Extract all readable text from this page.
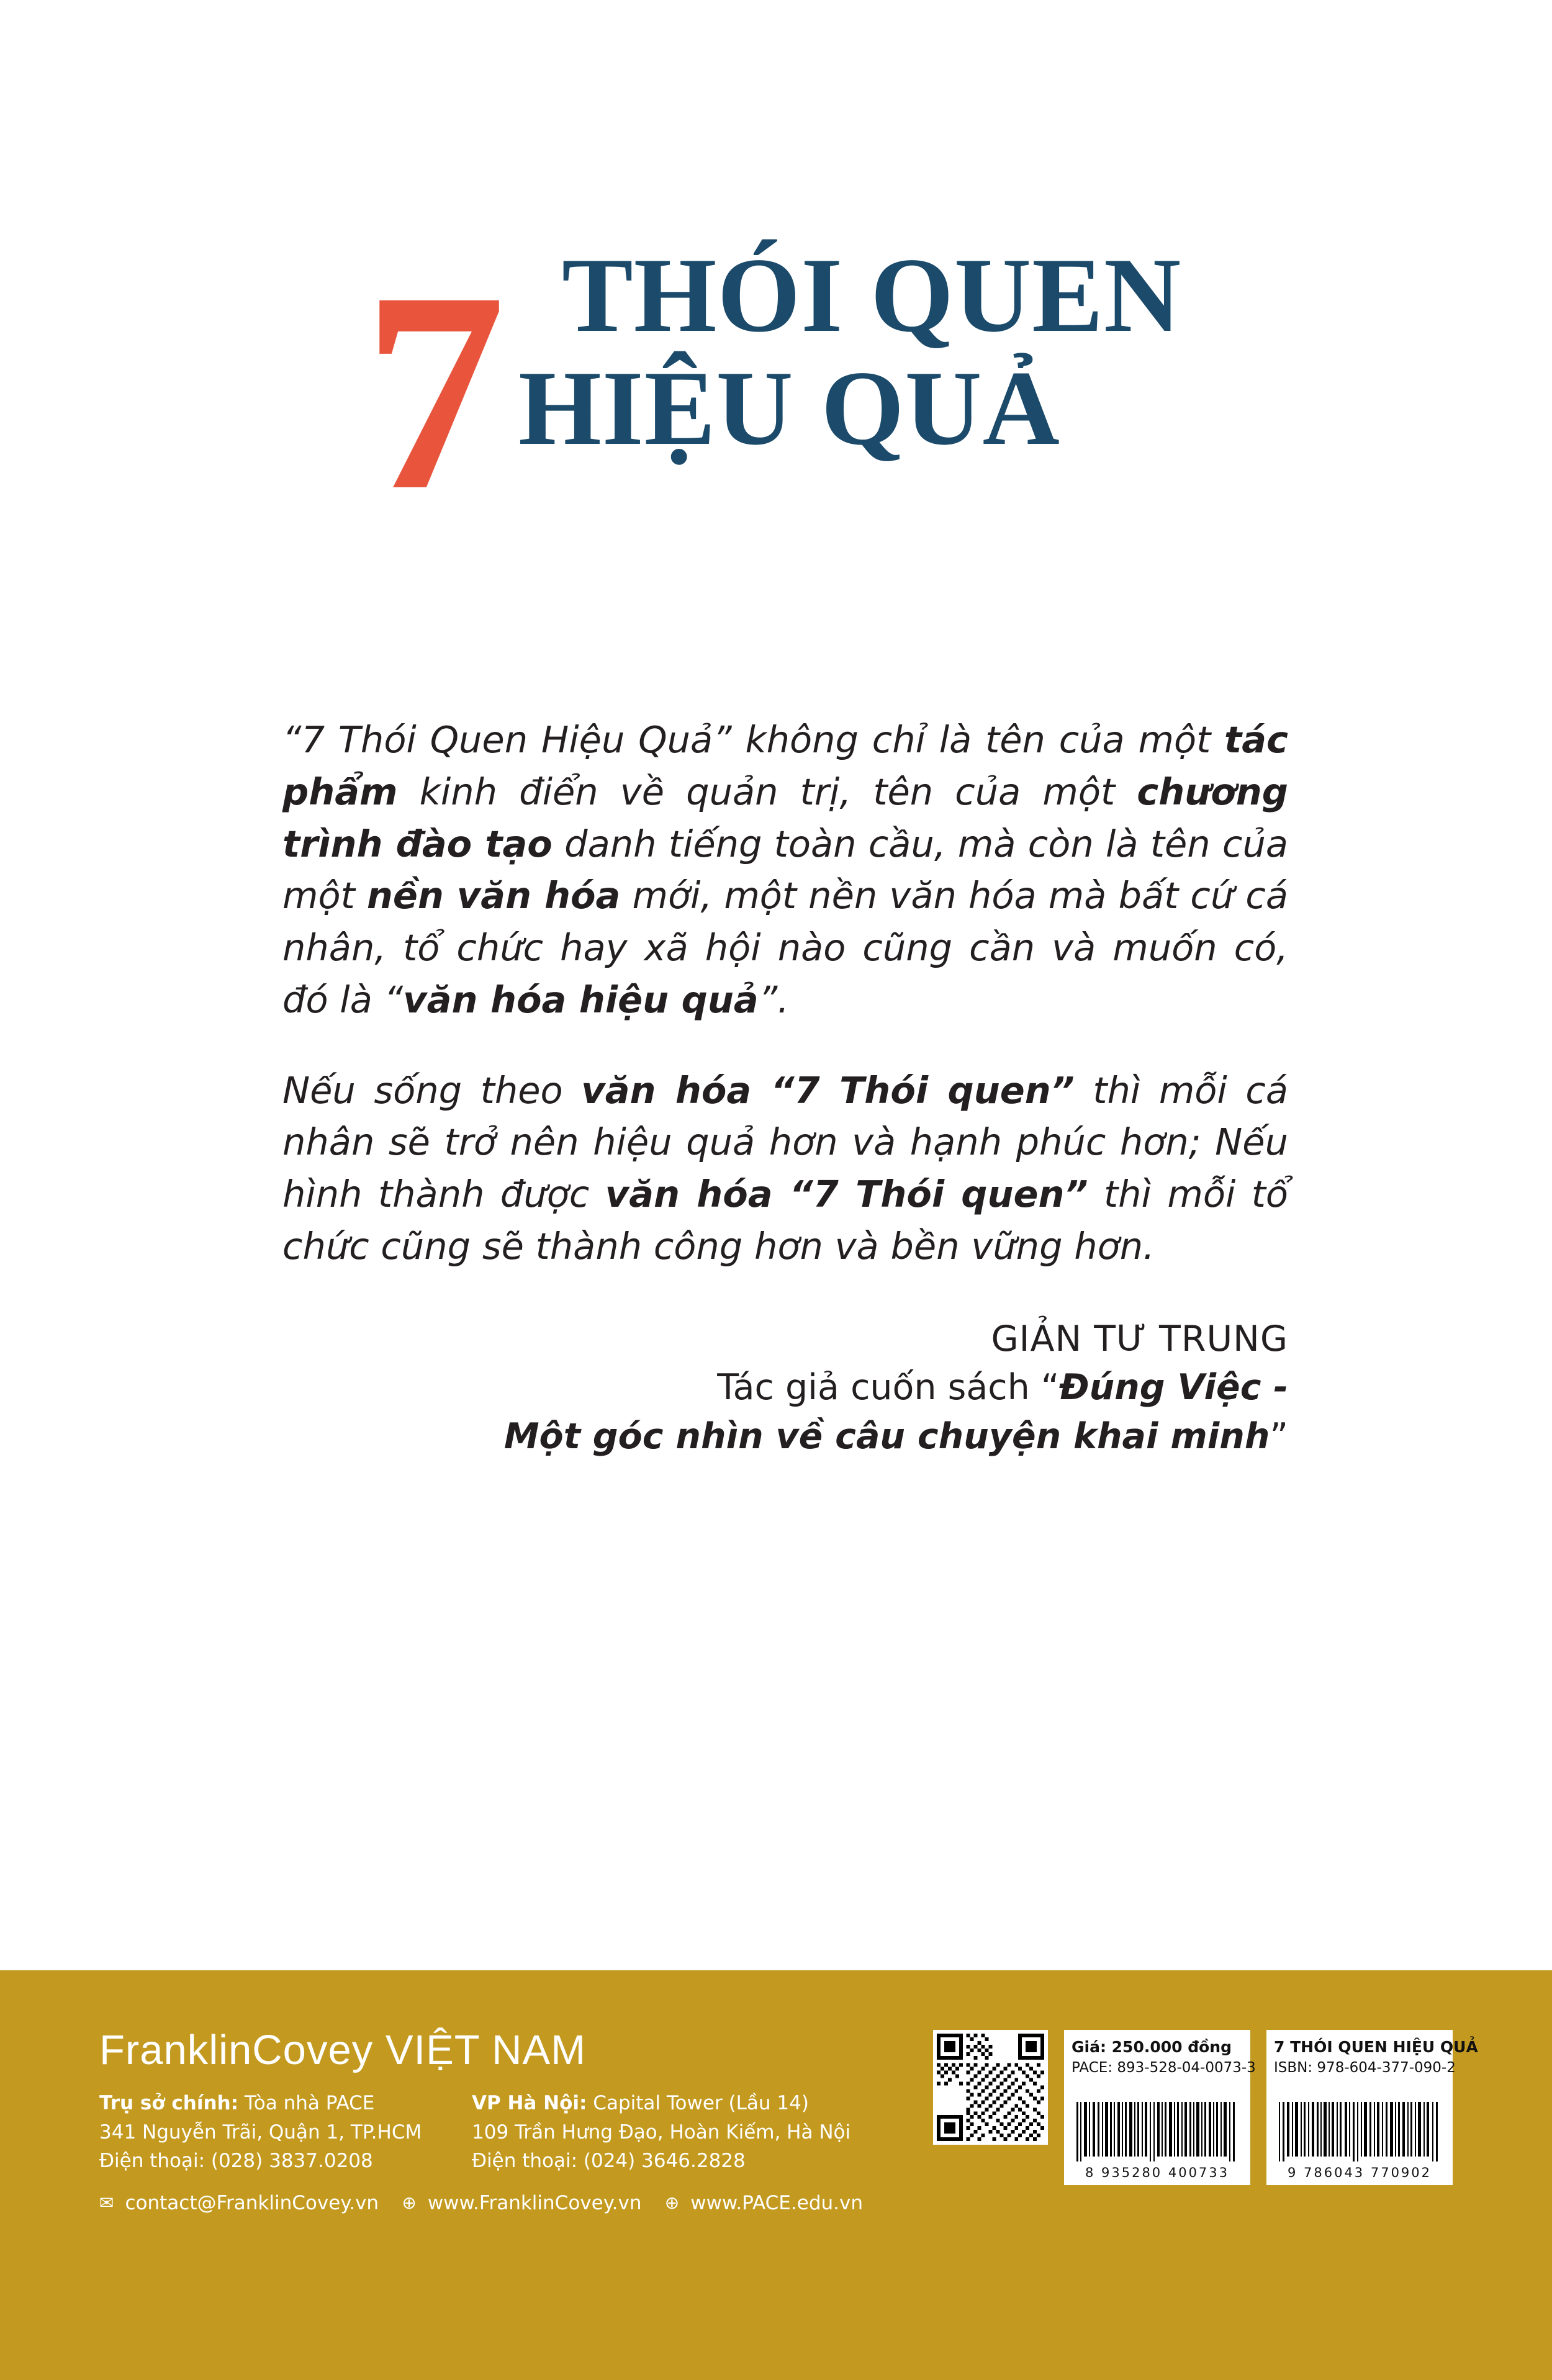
7 THÓI QUEN
HIỆU QUẢ
“7 Thói Quen Hiệu Quả” không chỉ là tên của một tác phẩm kinh điển về quản trị, tên của một chương trình đào tạo danh tiếng toàn cầu, mà còn là tên của một nền văn hóa mới, một nền văn hóa mà bất cứ cá nhân, tổ chức hay xã hội nào cũng cần và muốn có, đó là “văn hóa hiệu quả”.
Nếu sống theo văn hóa “7 Thói quen” thì mỗi cá nhân sẽ trở nên hiệu quả hơn và hạnh phúc hơn; Nếu hình thành được văn hóa “7 Thói quen” thì mỗi tổ chức cũng sẽ thành công hơn và bền vững hơn.
GIẢN TƯ TRUNG
Tác giả cuốn sách “Đúng Việc -
Một góc nhìn về câu chuyện khai minh”
FranklinCovey VIỆT NAM
Trụ sở chính: Tòa nhà PACE
341 Nguyễn Trãi, Quận 1, TP.HCM
Điện thoại: (028) 3837.0208
VP Hà Nội: Capital Tower (Lầu 14)
109 Trần Hưng Đạo, Hoàn Kiếm, Hà Nội
Điện thoại: (024) 3646.2828
✉ contact@FranklinCovey.vn ⊕ www.FranklinCovey.vn ⊕ www.PACE.edu.vn
Giá: 250.000 đồng
PACE: 893-528-04-0073-3
8 935280 400733
7 THÓI QUEN HIỆU QUẢ
ISBN: 978-604-377-090-2
9 786043 770902
